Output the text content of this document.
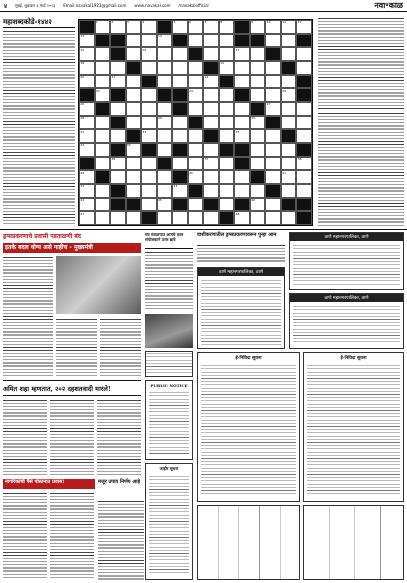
४ मुंबई, शुक्रवार ३ मार्च २०२३ Email:navakal1923@gmail.com www.navakal.com /navakalofficial	नवा॰काळ
महाशब्दकोडे-१४४२	1	2	3	4	5	6	7	8	9	10	11	12
13	14
15	16	17
18	19
20	21	22
23	24	25
26	27
28	29	30
31	32	33
34	35
36	37	38
39	40	41
42	43
44	45	46
47	48
ड्रग्सप्रकरणाचे प्रवासी पडताळणी बंद
इतके बदल योग्य असे नाहीच - मुख्यमंत्री
अमित शहा म्हणतात, २०२ दहशतवादी मारले!
नागरिकांची पैसे पोस्तनात प्रवास!	मजूर उपाय निर्णय आहे
मंत्र मंत्रालयात आमचे काम संयोजकाने उत्तर द्यावे
PUBLIC NOTICE
जाहीर सूचना
वाशीकरणातील ड्रग्सप्रकरणावरून पुन्हा आम
ठाणे महानगरपालिका, ठाणे
ठाणे महानगरपालिका, ठाणे
ठाणे महानगरपालिका, ठाणे
ई-निविदा सूचना	ई-निविदा सूचना
